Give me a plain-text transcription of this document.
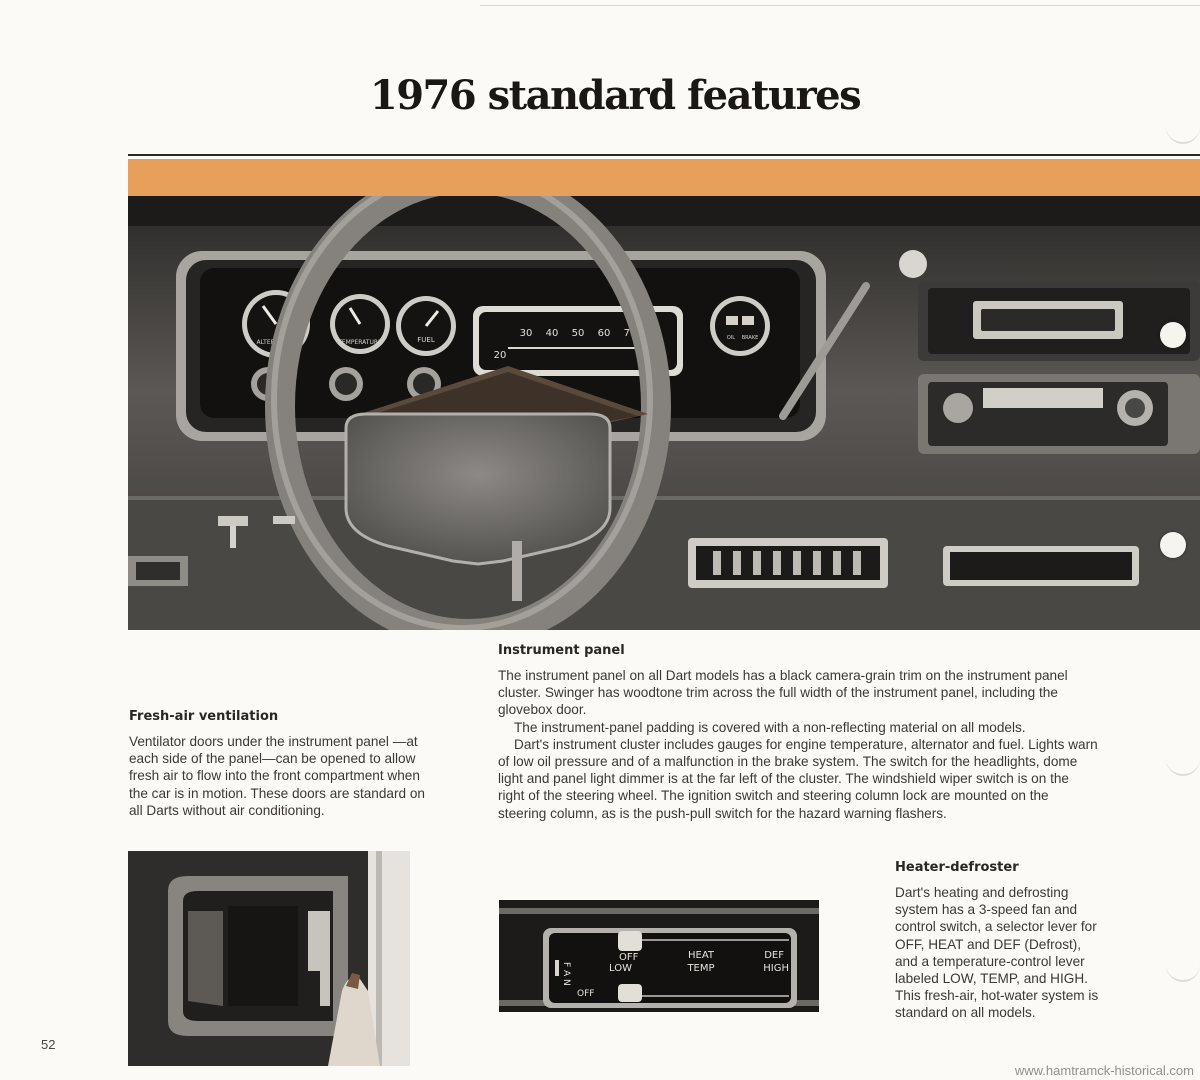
1976 standard features
ALTERNATOR	TEMPERATURE	FUEL
20
30 40 50 60 70
80
OIL BRAKE
Instrument panel

The instrument panel on all Dart models has a black camera-grain trim on the instrument panel cluster. Swinger has woodtone trim across the full width of the instrument panel, including the glovebox door.

The instrument-panel padding is covered with a non-reflecting material on all models.

Dart's instrument cluster includes gauges for engine temperature, alternator and fuel. Lights warn of low oil pressure and of a malfunction in the brake system. The switch for the headlights, dome light and panel light dimmer is at the far left of the cluster. The windshield wiper switch is on the right of the steering wheel. The ignition switch and steering column lock are mounted on the steering column, as is the push-pull switch for the hazard warning flashers.

Fresh-air ventilation

Ventilator doors under the instrument panel —at each side of the panel—can be opened to allow fresh air to flow into the front compartment when the car is in motion. These doors are standard on all Darts without air conditioning.

OFF	HEAT	DEF
LOW	TEMP	HIGH
F A N
OFF
Heater-defroster

Dart's heating and defrosting system has a 3-speed fan and control switch, a selector lever for OFF, HEAT and DEF (Defrost), and a temperature-control lever labeled LOW, TEMP, and HIGH. This fresh-air, hot-water system is standard on all models.

52

www.hamtramck-historical.com
